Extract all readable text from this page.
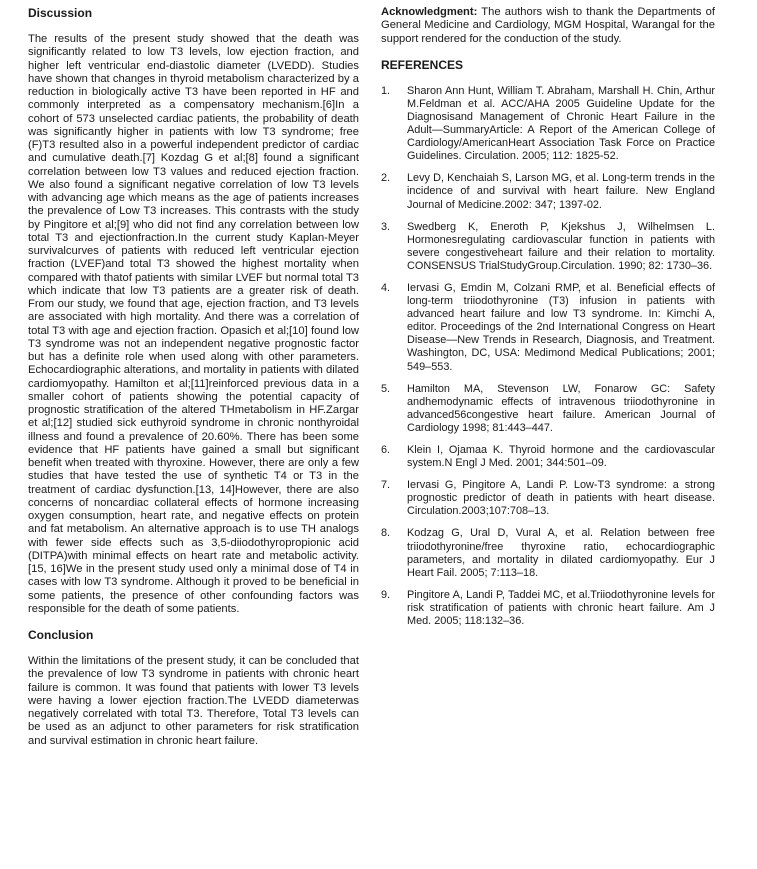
Discussion

The results of the present study showed that the death was significantly related to low T3 levels, low ejection fraction, and higher left ventricular end-diastolic diameter (LVEDD). Studies have shown that changes in thyroid metabolism characterized by a reduction in biologically active T3 have been reported in HF and commonly interpreted as a compensatory mechanism.[6]In a cohort of 573 unselected cardiac patients, the probability of death was significantly higher in patients with low T3 syndrome; free (F)T3 resulted also in a powerful independent predictor of cardiac and cumulative death.[7] Kozdag G et al;[8] found a significant correlation between low T3 values and reduced ejection fraction. We also found a significant negative correlation of low T3 levels with advancing age which means as the age of patients increases the prevalence of Low T3 increases. This contrasts with the study by Pingitore et al;[9] who did not find any correlation between low total T3 and ejectionfraction.In the current study Kaplan-Meyer survivalcurves of patients with reduced left ventricular ejection fraction (LVEF)and total T3 showed the highest mortality when compared with thatof patients with similar LVEF but normal total T3 which indicate that low T3 patients are a greater risk of death. From our study, we found that age, ejection fraction, and T3 levels are associated with high mortality. And there was a correlation of total T3 with age and ejection fraction. Opasich et al;[10] found low T3 syndrome was not an independent negative prognostic factor but has a definite role when used along with other parameters. Echocardiographic alterations, and mortality in patients with dilated cardiomyopathy. Hamilton et al;[11]reinforced previous data in a smaller cohort of patients showing the potential capacity of prognostic stratification of the altered THmetabolism in HF.Zargar et al;[12] studied sick euthyroid syndrome in chronic nonthyroidal illness and found a prevalence of 20.60%. There has been some evidence that HF patients have gained a small but significant benefit when treated with thyroxine. However, there are only a few studies that have tested the use of synthetic T4 or T3 in the treatment of cardiac dysfunction.[13, 14]However, there are also concerns of noncardiac collateral effects of hormone increasing oxygen consumption, heart rate, and negative effects on protein and fat metabolism. An alternative approach is to use TH analogs with fewer side effects such as 3,5-diiodothyropropionic acid (DITPA)with minimal effects on heart rate and metabolic activity.[15, 16]We in the present study used only a minimal dose of T4 in cases with low T3 syndrome. Although it proved to be beneficial in some patients, the presence of other confounding factors was responsible for the death of some patients.

Conclusion

Within the limitations of the present study, it can be concluded that the prevalence of low T3 syndrome in patients with chronic heart failure is common. It was found that patients with lower T3 levels were having a lower ejection fraction.The LVEDD diameterwas negatively correlated with total T3. Therefore, Total T3 levels can be used as an adjunct to other parameters for risk stratification and survival estimation in chronic heart failure.

Acknowledgment: The authors wish to thank the Departments of General Medicine and Cardiology, MGM Hospital, Warangal for the support rendered for the conduction of the study.

REFERENCES
1.	Sharon Ann Hunt, William T. Abraham, Marshall H. Chin, Arthur M.Feldman et al. ACC/AHA 2005 Guideline Update for the Diagnosisand Management of Chronic Heart Failure in the Adult—SummaryArticle: A Report of the American College of Cardiology/AmericanHeart Association Task Force on Practice Guidelines. Circulation. 2005; 112: 1825-52.
2.	Levy D, Kenchaiah S, Larson MG, et al. Long-term trends in the incidence of and survival with heart failure. New England Journal of Medicine.2002: 347; 1397-02.
3.	Swedberg K, Eneroth P, Kjekshus J, Wilhelmsen L. Hormonesregulating cardiovascular function in patients with severe congestiveheart failure and their relation to mortality. CONSENSUS TrialStudyGroup.Circulation. 1990; 82: 1730–36.
4.	Iervasi G, Emdin M, Colzani RMP, et al. Beneficial effects of long-term triiodothyronine (T3) infusion in patients with advanced heart failure and low T3 syndrome. In: Kimchi A, editor. Proceedings of the 2nd International Congress on Heart Disease—New Trends in Research, Diagnosis, and Treatment. Washington, DC, USA: Medimond Medical Publications; 2001; 549–553.
5.	Hamilton MA, Stevenson LW, Fonarow GC: Safety andhemodynamic effects of intravenous triiodothyronine in advanced56congestive heart failure. American Journal of Cardiology 1998; 81:443–447.
6.	Klein I, Ojamaa K. Thyroid hormone and the cardiovascular system.N Engl J Med. 2001; 344:501–09.
7.	Iervasi G, Pingitore A, Landi P. Low-T3 syndrome: a strong prognostic predictor of death in patients with heart disease. Circulation.2003;107:708–13.
8.	Kodzag G, Ural D, Vural A, et al. Relation between free triiodothyronine/free thyroxine ratio, echocardiographic parameters, and mortality in dilated cardiomyopathy. Eur J Heart Fail. 2005; 7:113–18.
9.	Pingitore A, Landi P, Taddei MC, et al.Triiodothyronine levels for risk stratification of patients with chronic heart failure. Am J Med. 2005; 118:132–36.
